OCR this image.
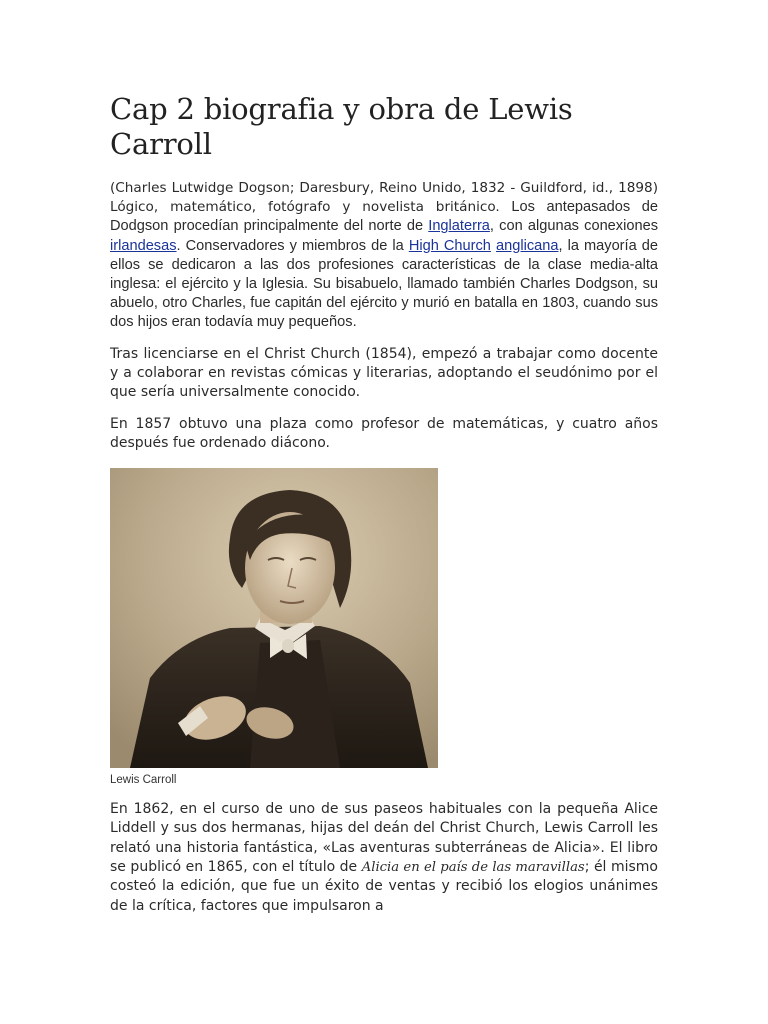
Cap 2 biografia y obra de Lewis Carroll

(Charles Lutwidge Dogson; Daresbury, Reino Unido, 1832 - Guildford, id., 1898) Lógico, matemático, fotógrafo y novelista británico. Los antepasados de Dodgson procedían principalmente del norte de Inglaterra, con algunas conexiones irlandesas. Conservadores y miembros de la High Church anglicana, la mayoría de ellos se dedicaron a las dos profesiones características de la clase media-alta inglesa: el ejército y la Iglesia. Su bisabuelo, llamado también Charles Dodgson, su abuelo, otro Charles, fue capitán del ejército y murió en batalla en 1803, cuando sus dos hijos eran todavía muy pequeños.

Tras licenciarse en el Christ Church (1854), empezó a trabajar como docente y a colaborar en revistas cómicas y literarias, adoptando el seudónimo por el que sería universalmente conocido.

En 1857 obtuvo una plaza como profesor de matemáticas, y cuatro años después fue ordenado diácono.

Lewis Carroll

En 1862, en el curso de uno de sus paseos habituales con la pequeña Alice Liddell y sus dos hermanas, hijas del deán del Christ Church, Lewis Carroll les relató una historia fantástica, «Las aventuras subterráneas de Alicia». El libro se publicó en 1865, con el título de Alicia en el país de las maravillas; él mismo costeó la edición, que fue un éxito de ventas y recibió los elogios unánimes de la crítica, factores que impulsaron a
